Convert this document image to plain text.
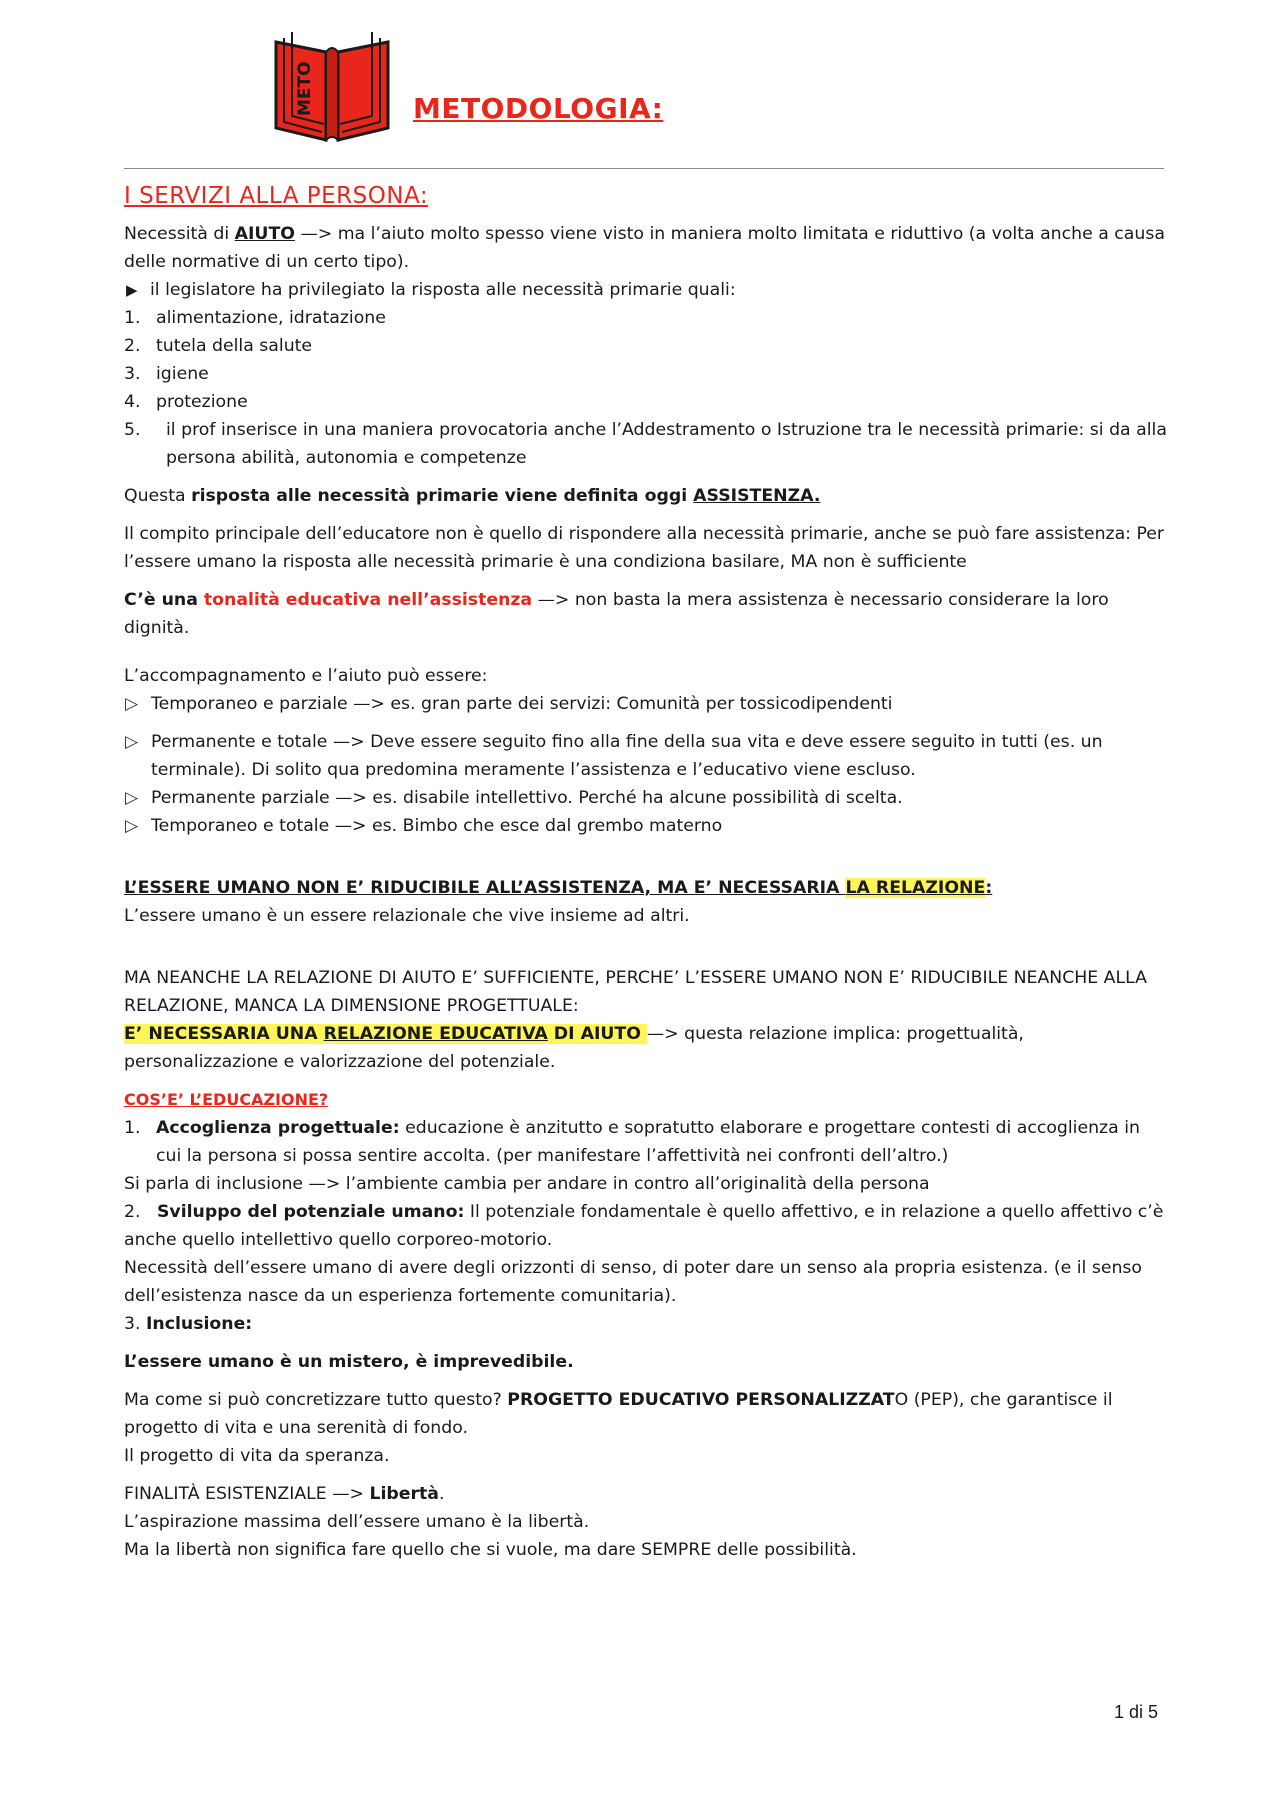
METO	METODOLOGIA:

I SERVIZI ALLA PERSONA:

Necessità di AIUTO —> ma l’aiuto molto spesso viene visto in maniera molto limitata e riduttivo (a volta anche a causa delle normative di un certo tipo).

▶ il legislatore ha privilegiato la risposta alle necessità primarie quali:

1. alimentazione, idratazione
2. tutela della salute
3. igiene
4. protezione
5. il prof inserisce in una maniera provocatoria anche l’Addestramento o Istruzione tra le necessità primarie: si da alla persona abilità, autonomia e competenze

Questa risposta alle necessità primarie viene definita oggi ASSISTENZA.

Il compito principale dell’educatore non è quello di rispondere alla necessità primarie, anche se può fare assistenza: Per l’essere umano la risposta alle necessità primarie è una condiziona basilare, MA non è sufficiente

C’è una tonalità educativa nell’assistenza —> non basta la mera assistenza è necessario considerare la loro dignità.

L’accompagnamento e l’aiuto può essere:

▷ Temporaneo e parziale —> es. gran parte dei servizi: Comunità per tossicodipendenti

▷ Permanente e totale —> Deve essere seguito fino alla fine della sua vita e deve essere seguito in tutti (es. un terminale). Di solito qua predomina meramente l’assistenza e l’educativo viene escluso.

▷ Permanente parziale —> es. disabile intellettivo. Perché ha alcune possibilità di scelta.

▷ Temporaneo e totale —> es. Bimbo che esce dal grembo materno

L’ESSERE UMANO NON E’ RIDUCIBILE ALL’ASSISTENZA, MA E’ NECESSARIA LA RELAZIONE:

L’essere umano è un essere relazionale che vive insieme ad altri.

MA NEANCHE LA RELAZIONE DI AIUTO E’ SUFFICIENTE, PERCHE’ L’ESSERE UMANO NON E’ RIDUCIBILE NEANCHE ALLA RELAZIONE, MANCA LA DIMENSIONE PROGETTUALE:

E’ NECESSARIA UNA RELAZIONE EDUCATIVA DI AIUTO —> questa relazione implica: progettualità, personalizzazione e valorizzazione del potenziale.

COS’E’ L’EDUCAZIONE?

1. Accoglienza progettuale: educazione è anzitutto e sopratutto elaborare e progettare contesti di accoglienza in cui la persona si possa sentire accolta. (per manifestare l’affettività nei confronti dell’altro.)

Si parla di inclusione —> l’ambiente cambia per andare in contro all’originalità della persona

2. Sviluppo del potenziale umano: Il potenziale fondamentale è quello affettivo, e in relazione a quello affettivo c’è anche quello intellettivo quello corporeo-motorio.

Necessità dell’essere umano di avere degli orizzonti di senso, di poter dare un senso ala propria esistenza. (e il senso dell’esistenza nasce da un esperienza fortemente comunitaria).

3. Inclusione:

L’essere umano è un mistero, è imprevedibile.

Ma come si può concretizzare tutto questo? PROGETTO EDUCATIVO PERSONALIZZATO (PEP), che garantisce il progetto di vita e una serenità di fondo.

Il progetto di vita da speranza.

FINALITÀ ESISTENZIALE —> Libertà.

L’aspirazione massima dell’essere umano è la libertà.

Ma la libertà non significa fare quello che si vuole, ma dare SEMPRE delle possibilità.

1 di 5
